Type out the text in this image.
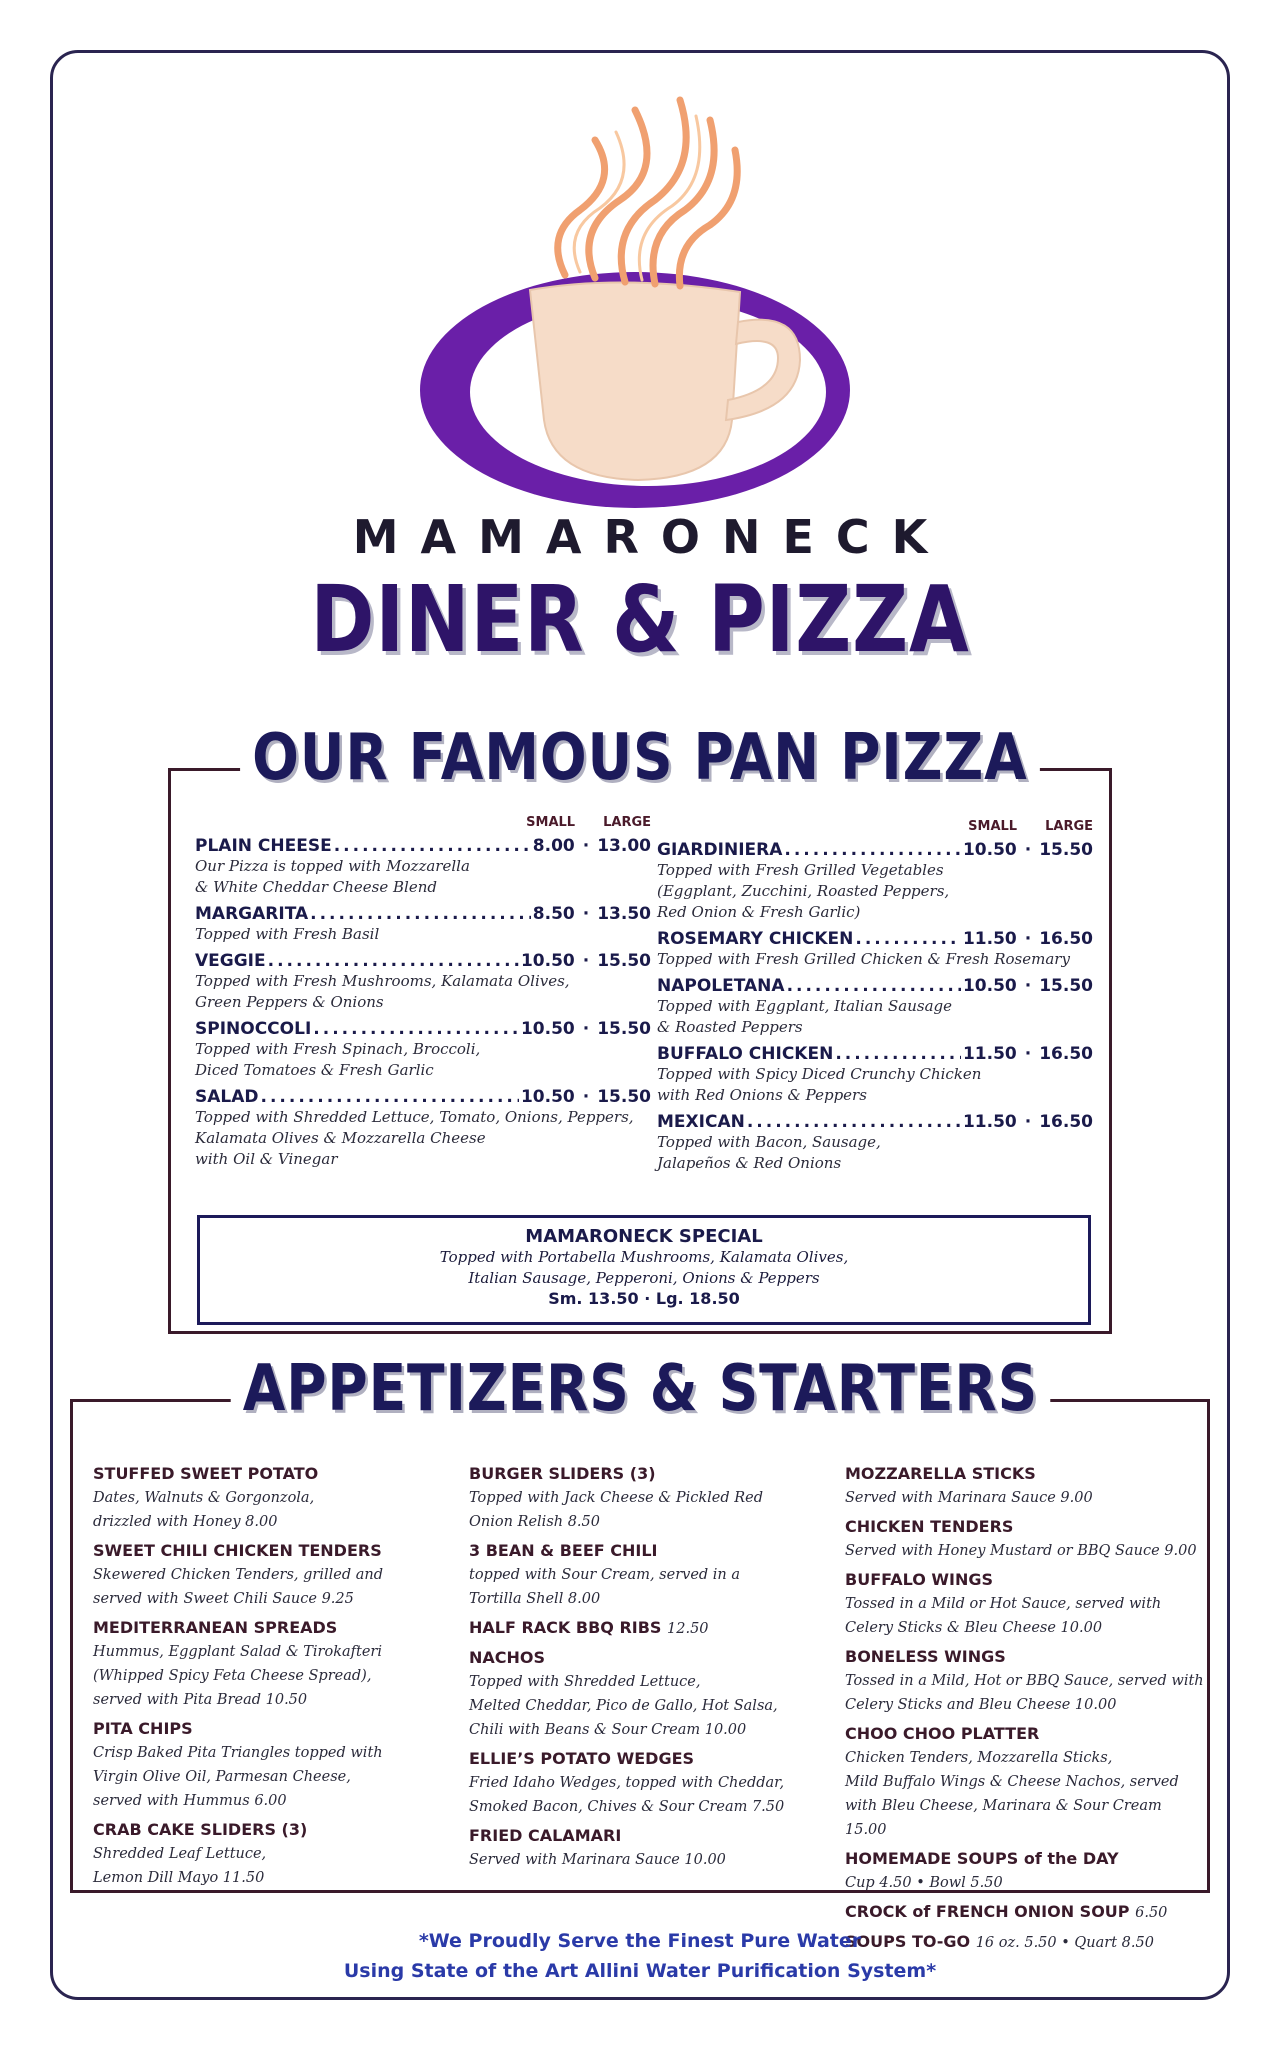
MAMARONECK
DINER & PIZZA
OUR FAMOUS PAN PIZZA
SMALL LARGE
PLAIN CHEESE .....	8.00 · 13.00
Our Pizza is topped with Mozzarella
& White Cheddar Cheese Blend
MARGARITA .....	8.50 · 13.50
Topped with Fresh Basil
VEGGIE .....	10.50 · 15.50
Topped with Fresh Mushrooms, Kalamata Olives,
Green Peppers & Onions
SPINOCCOLI .....	10.50 · 15.50
Topped with Fresh Spinach, Broccoli,
Diced Tomatoes & Fresh Garlic
SALAD .....	10.50 · 15.50
Topped with Shredded Lettuce, Tomato, Onions, Peppers,
Kalamata Olives & Mozzarella Cheese
with Oil & Vinegar
SMALL LARGE
GIARDINIERA .....	10.50 · 15.50
Topped with Fresh Grilled Vegetables
(Eggplant, Zucchini, Roasted Peppers,
Red Onion & Fresh Garlic)
ROSEMARY CHICKEN .....	11.50 · 16.50
Topped with Fresh Grilled Chicken & Fresh Rosemary
NAPOLETANA .....	10.50 · 15.50
Topped with Eggplant, Italian Sausage
& Roasted Peppers
BUFFALO CHICKEN .....	11.50 · 16.50
Topped with Spicy Diced Crunchy Chicken
with Red Onions & Peppers
MEXICAN .....	11.50 · 16.50
Topped with Bacon, Sausage,
Jalapeños & Red Onions
MAMARONECK SPECIAL
Topped with Portabella Mushrooms, Kalamata Olives,
Italian Sausage, Pepperoni, Onions & Peppers
Sm. 13.50 · Lg. 18.50
APPETIZERS & STARTERS
STUFFED SWEET POTATO
Dates, Walnuts & Gorgonzola,
drizzled with Honey 8.00
SWEET CHILI CHICKEN TENDERS
Skewered Chicken Tenders, grilled and
served with Sweet Chili Sauce 9.25
MEDITERRANEAN SPREADS
Hummus, Eggplant Salad & Tirokafteri
(Whipped Spicy Feta Cheese Spread),
served with Pita Bread 10.50
PITA CHIPS
Crisp Baked Pita Triangles topped with
Virgin Olive Oil, Parmesan Cheese,
served with Hummus 6.00
CRAB CAKE SLIDERS (3)
Shredded Leaf Lettuce,
Lemon Dill Mayo 11.50
BURGER SLIDERS (3)
Topped with Jack Cheese & Pickled Red
Onion Relish 8.50
3 BEAN & BEEF CHILI
topped with Sour Cream, served in a
Tortilla Shell 8.00
HALF RACK BBQ RIBS 12.50
NACHOS
Topped with Shredded Lettuce,
Melted Cheddar, Pico de Gallo, Hot Salsa,
Chili with Beans & Sour Cream 10.00
ELLIE’S POTATO WEDGES
Fried Idaho Wedges, topped with Cheddar,
Smoked Bacon, Chives & Sour Cream 7.50
FRIED CALAMARI
Served with Marinara Sauce 10.00
MOZZARELLA STICKS
Served with Marinara Sauce 9.00
CHICKEN TENDERS
Served with Honey Mustard or BBQ Sauce 9.00
BUFFALO WINGS
Tossed in a Mild or Hot Sauce, served with
Celery Sticks & Bleu Cheese 10.00
BONELESS WINGS
Tossed in a Mild, Hot or BBQ Sauce, served with
Celery Sticks and Bleu Cheese 10.00
CHOO CHOO PLATTER
Chicken Tenders, Mozzarella Sticks,
Mild Buffalo Wings & Cheese Nachos, served
with Bleu Cheese, Marinara & Sour Cream 15.00
HOMEMADE SOUPS of the DAY
Cup 4.50 • Bowl 5.50
CROCK of FRENCH ONION SOUP 6.50
SOUPS TO-GO 16 oz. 5.50 • Quart 8.50
*We Proudly Serve the Finest Pure Water
Using State of the Art Allini Water Purification System*
